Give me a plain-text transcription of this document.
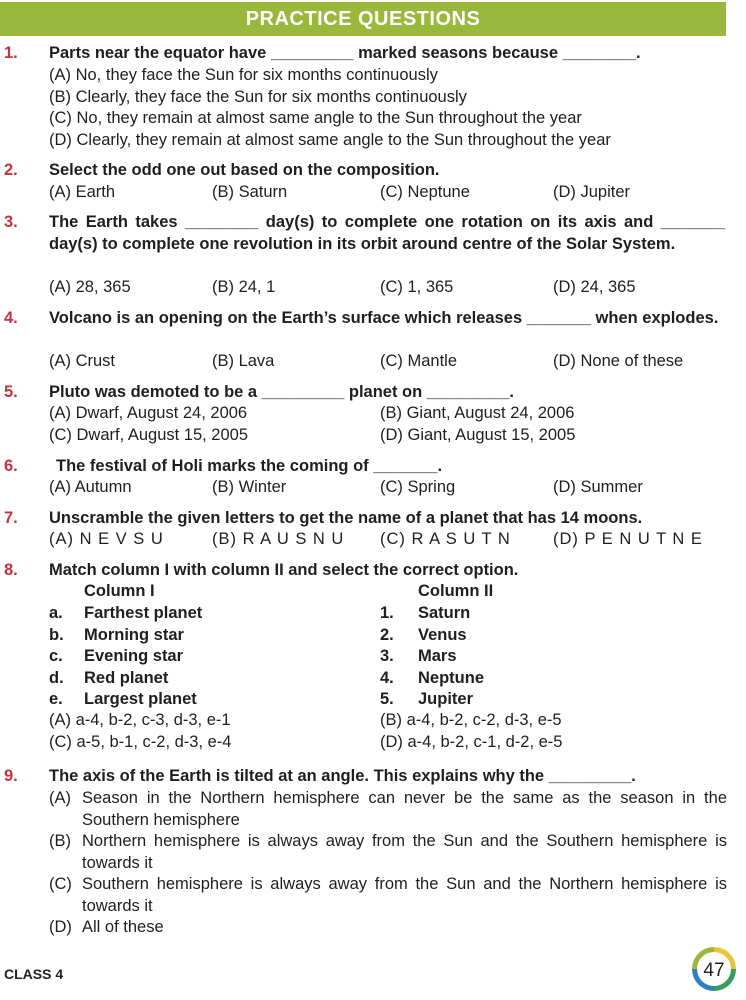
PRACTICE QUESTIONS
1. Parts near the equator have _________ marked seasons because ________.
(A) No, they face the Sun for six months continuously
(B) Clearly, they face the Sun for six months continuously
(C) No, they remain at almost same angle to the Sun throughout the year
(D) Clearly, they remain at almost same angle to the Sun throughout the year
2. Select the odd one out based on the composition.
(A) Earth	(B) Saturn	(C) Neptune	(D) Jupiter
3. The Earth takes ________ day(s) to complete one rotation on its axis and _______ day(s) to complete one revolution in its orbit around centre of the Solar System.
(A) 28, 365	(B) 24, 1	(C) 1, 365	(D) 24, 365
4. Volcano is an opening on the Earth’s surface which releases _______ when explodes.
(A) Crust	(B) Lava	(C) Mantle	(D) None of these
5. Pluto was demoted to be a _________ planet on _________.
(A) Dwarf, August 24, 2006	(B) Giant, August 24, 2006
(C) Dwarf, August 15, 2005	(D) Giant, August 15, 2005
6. The festival of Holi marks the coming of _______.
(A) Autumn	(B) Winter	(C) Spring	(D) Summer
7. Unscramble the given letters to get the name of a planet that has 14 moons.
(A) N E V S U	(B) R A U S N U (C) R A S U T N	(D) P E N U T N E
8. Match column I with column II and select the correct option.
Column I	Column II
a. Farthest planet	1. Saturn
b. Morning star	2. Venus
c. Evening star	3. Mars
d. Red planet	4. Neptune
e. Largest planet	5. Jupiter
(A) a-4, b-2, c-3, d-3, e-1	(B) a-4, b-2, c-2, d-3, e-5
(C) a-5, b-1, c-2, d-3, e-4	(D) a-4, b-2, c-1, d-2, e-5
9. The axis of the Earth is tilted at an angle. This explains why the _________.
(A) Season in the Northern hemisphere can never be the same as the season in the Southern hemisphere
(B) Northern hemisphere is always away from the Sun and the Southern hemisphere is towards it
(C) Southern hemisphere is always away from the Sun and the Northern hemisphere is towards it
(D) All of these
CLASS 4	47
